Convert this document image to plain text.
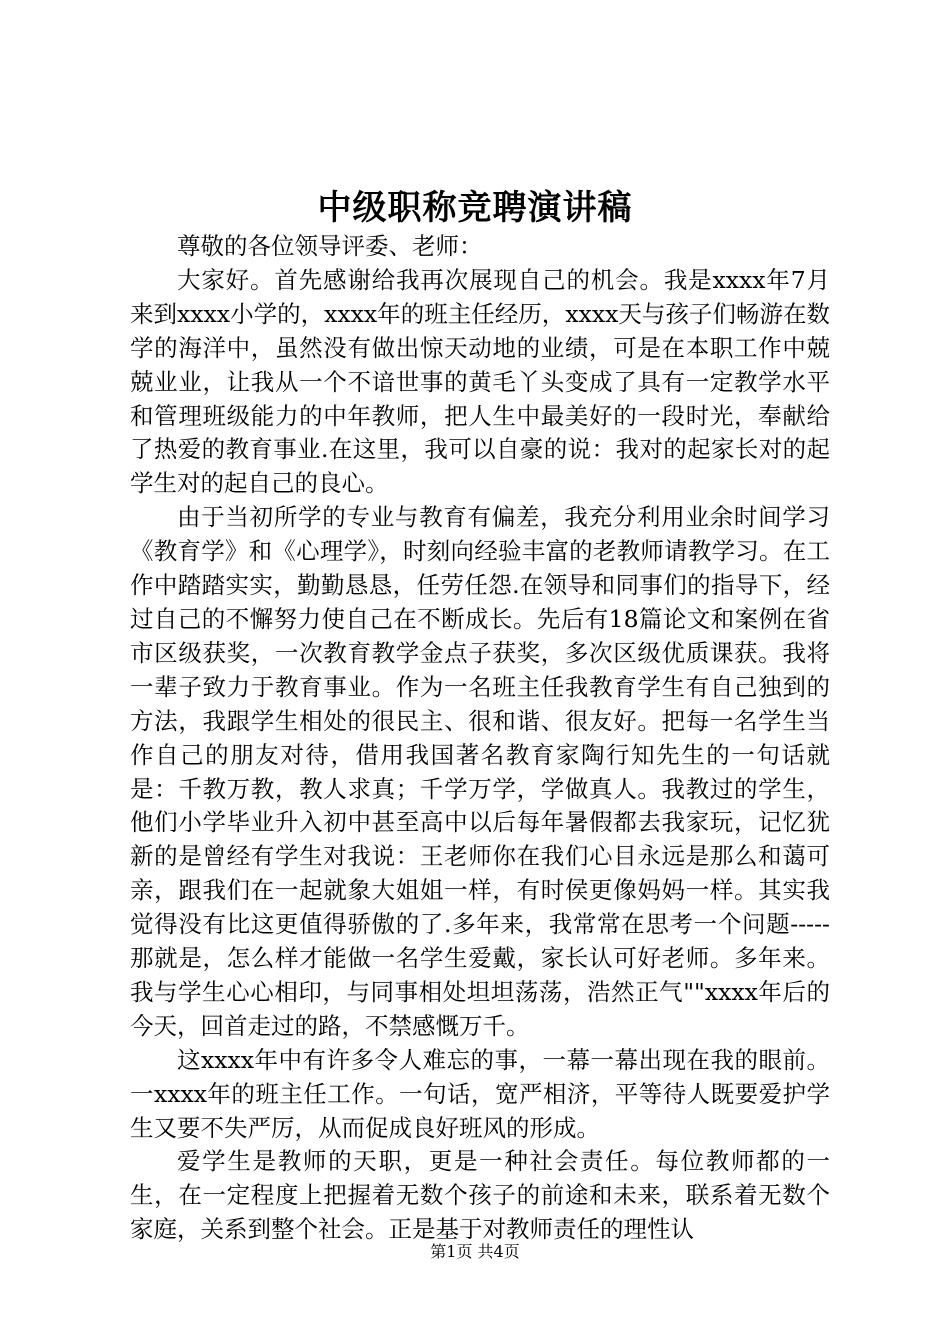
中级职称竞聘演讲稿

尊敬的各位领导评委、老师：

大家好。首先感谢给我再次展现自己的机会。我是xxxx年7月来到xxxx小学的，xxxx年的班主任经历，xxxx天与孩子们畅游在数学的海洋中，虽然没有做出惊天动地的业绩，可是在本职工作中兢兢业业，让我从一个不谙世事的黄毛丫头变成了具有一定教学水平和管理班级能力的中年教师，把人生中最美好的一段时光，奉献给了热爱的教育事业.在这里，我可以自豪的说：我对的起家长对的起学生对的起自己的良心。

由于当初所学的专业与教育有偏差，我充分利用业余时间学习《教育学》和《心理学》，时刻向经验丰富的老教师请教学习。在工作中踏踏实实，勤勤恳恳，任劳任怨.在领导和同事们的指导下，经过自己的不懈努力使自己在不断成长。先后有18篇论文和案例在省市区级获奖，一次教育教学金点子获奖，多次区级优质课获。我将一辈子致力于教育事业。作为一名班主任我教育学生有自己独到的方法，我跟学生相处的很民主、很和谐、很友好。把每一名学生当作自己的朋友对待，借用我国著名教育家陶行知先生的一句话就是：千教万教，教人求真；千学万学，学做真人。我教过的学生，他们小学毕业升入初中甚至高中以后每年暑假都去我家玩，记忆犹新的是曾经有学生对我说：王老师你在我们心目永远是那么和蔼可亲，跟我们在一起就象大姐姐一样，有时侯更像妈妈一样。其实我觉得没有比这更值得骄傲的了.多年来，我常常在思考一个问题-----那就是，怎么样才能做一名学生爱戴，家长认可好老师。多年来。我与学生心心相印，与同事相处坦坦荡荡，浩然正气""xxxx年后的今天，回首走过的路，不禁感慨万千。

这xxxx年中有许多令人难忘的事，一幕一幕出现在我的眼前。一xxxx年的班主任工作。一句话，宽严相济，平等待人既要爱护学生又要不失严厉，从而促成良好班风的形成。

爱学生是教师的天职，更是一种社会责任。每位教师都的一生，在一定程度上把握着无数个孩子的前途和未来，联系着无数个家庭，关系到整个社会。正是基于对教师责任的理性认

第1页 共4页
